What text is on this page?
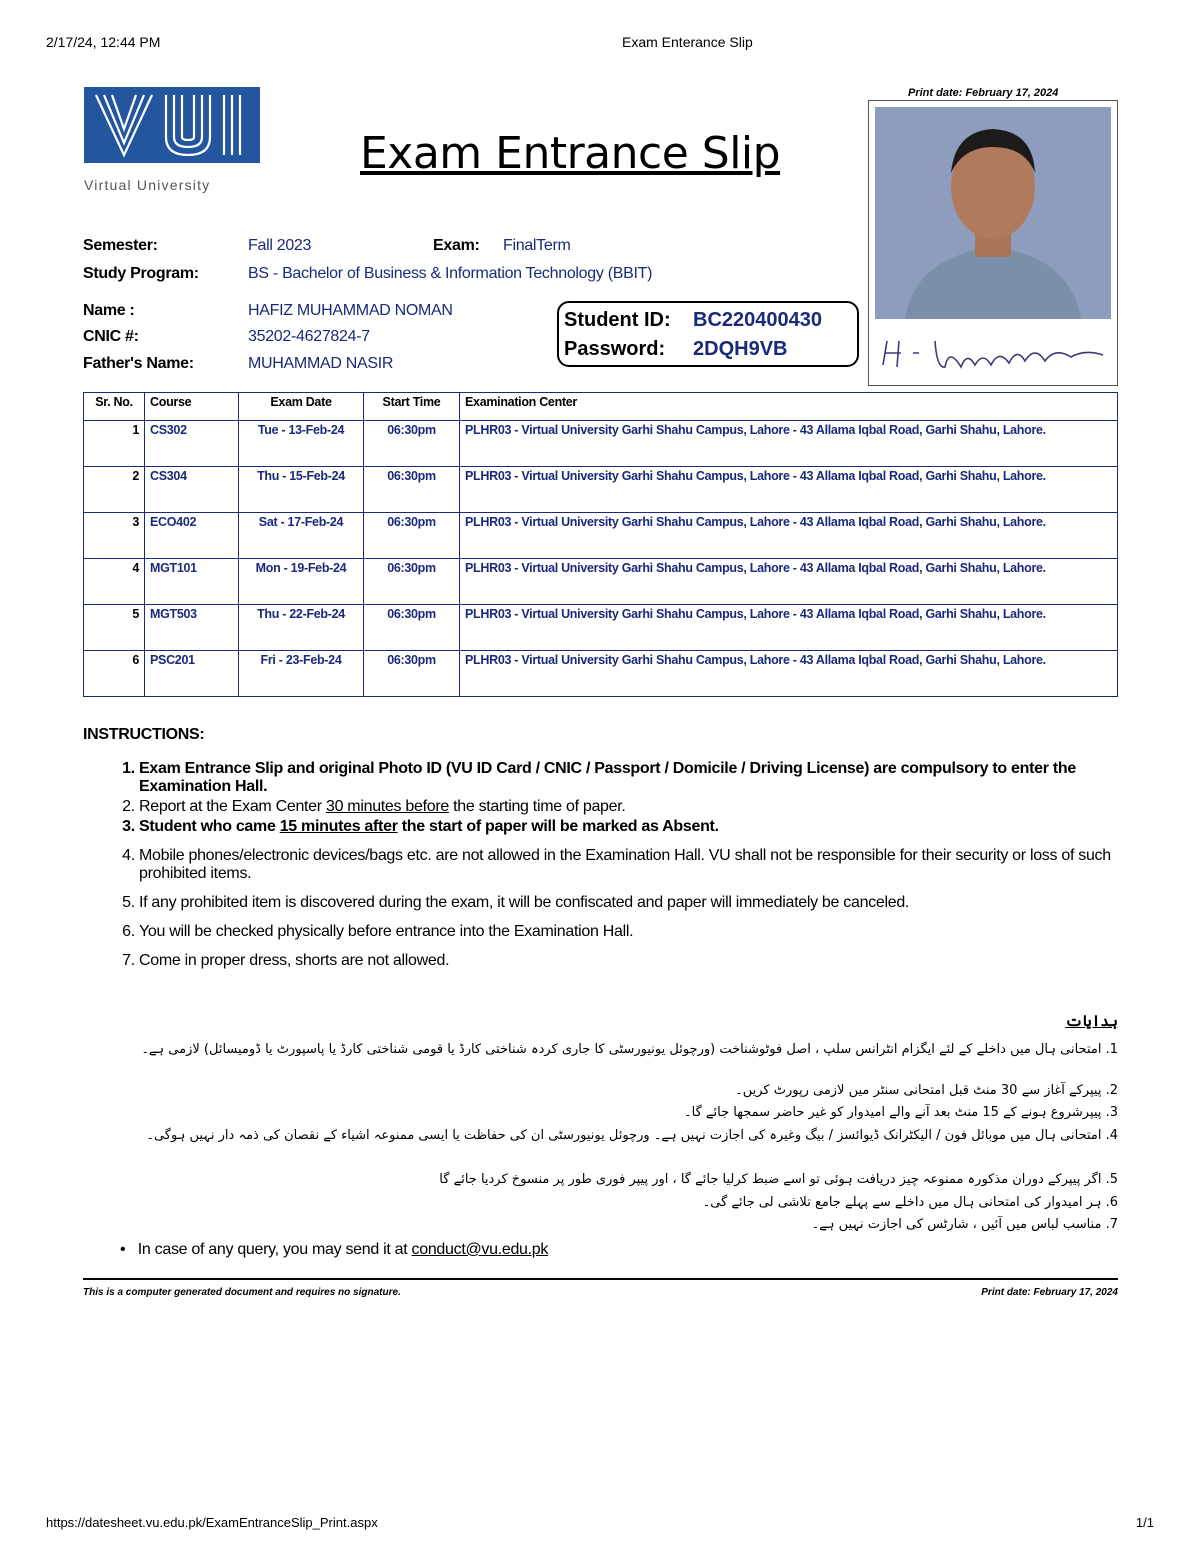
2/17/24, 12:44 PM	Exam Enterance Slip
Virtual University
Exam Entrance Slip
Print date: February 17, 2024
Semester:	Fall 2023	Exam: FinalTerm
Study Program:	BS - Bachelor of Business & Information Technology (BBIT)
Name :	HAFIZ MUHAMMAD NOMAN
CNIC #:	35202-4627824-7
Father's Name:	MUHAMMAD NASIR
Student ID: BC220400430
Password: 2DQH9VB
Sr. No.	Course	Exam Date	Start Time	Examination Center
1	CS302	Tue - 13-Feb-24	06:30pm	PLHR03 - Virtual University Garhi Shahu Campus, Lahore - 43 Allama Iqbal Road, Garhi Shahu, Lahore.
2	CS304	Thu - 15-Feb-24	06:30pm	PLHR03 - Virtual University Garhi Shahu Campus, Lahore - 43 Allama Iqbal Road, Garhi Shahu, Lahore.
3	ECO402	Sat - 17-Feb-24	06:30pm	PLHR03 - Virtual University Garhi Shahu Campus, Lahore - 43 Allama Iqbal Road, Garhi Shahu, Lahore.
4	MGT101	Mon - 19-Feb-24	06:30pm	PLHR03 - Virtual University Garhi Shahu Campus, Lahore - 43 Allama Iqbal Road, Garhi Shahu, Lahore.
5	MGT503	Thu - 22-Feb-24	06:30pm	PLHR03 - Virtual University Garhi Shahu Campus, Lahore - 43 Allama Iqbal Road, Garhi Shahu, Lahore.
6	PSC201	Fri - 23-Feb-24	06:30pm	PLHR03 - Virtual University Garhi Shahu Campus, Lahore - 43 Allama Iqbal Road, Garhi Shahu, Lahore.
INSTRUCTIONS:
1. Exam Entrance Slip and original Photo ID (VU ID Card / CNIC / Passport / Domicile / Driving License) are compulsory to enter the Examination Hall.
2. Report at the Exam Center 30 minutes before the starting time of paper.
3. Student who came 15 minutes after the start of paper will be marked as Absent.
4. Mobile phones/electronic devices/bags etc. are not allowed in the Examination Hall. VU shall not be responsible for their security or loss of such prohibited items.
5. If any prohibited item is discovered during the exam, it will be confiscated and paper will immediately be canceled.
6. You will be checked physically before entrance into the Examination Hall.
7. Come in proper dress, shorts are not allowed.
ہدایات
1. امتحانی ہال میں داخلے کے لئے ایگزام انٹرانس سلپ ، اصل فوٹوشناخت (ورچوئل یونیورسٹی کا جاری کردہ شناختی کارڈ یا قومی شناختی کارڈ یا پاسپورٹ یا ڈومیسائل) لازمی ہے۔
2. پیپرکے آغاز سے 30 منٹ قبل امتحانی سنٹر میں لازمی رپورٹ کریں۔
3. پیپرشروع ہونے کے 15 منٹ بعد آنے والے امیدوار کو غیر حاضر سمجھا جائے گا۔
4. امتحانی ہال میں موبائل فون / الیکٹرانک ڈیوائسز / بیگ وغیرہ کی اجازت نہیں ہے۔ ورچوئل یونیورسٹی ان کی حفاظت یا ایسی ممنوعہ اشیاء کے نقصان کی ذمہ دار نہیں ہوگی۔
5. اگر پیپرکے دوران مذکورہ ممنوعہ چیز دریافت ہوئی تو اسے ضبط کرلیا جائے گا ، اور پیپر فوری طور پر منسوخ کردیا جائے گا
6. ہر امیدوار کی امتحانی ہال میں داخلے سے پہلے جامع تلاشی لی جائے گی۔
7. مناسب لباس میں آئیں ، شارٹس کی اجازت نہیں ہے۔
• In case of any query, you may send it at conduct@vu.edu.pk
This is a computer generated document and requires no signature.	Print date: February 17, 2024
https://datesheet.vu.edu.pk/ExamEntranceSlip_Print.aspx	1/1
